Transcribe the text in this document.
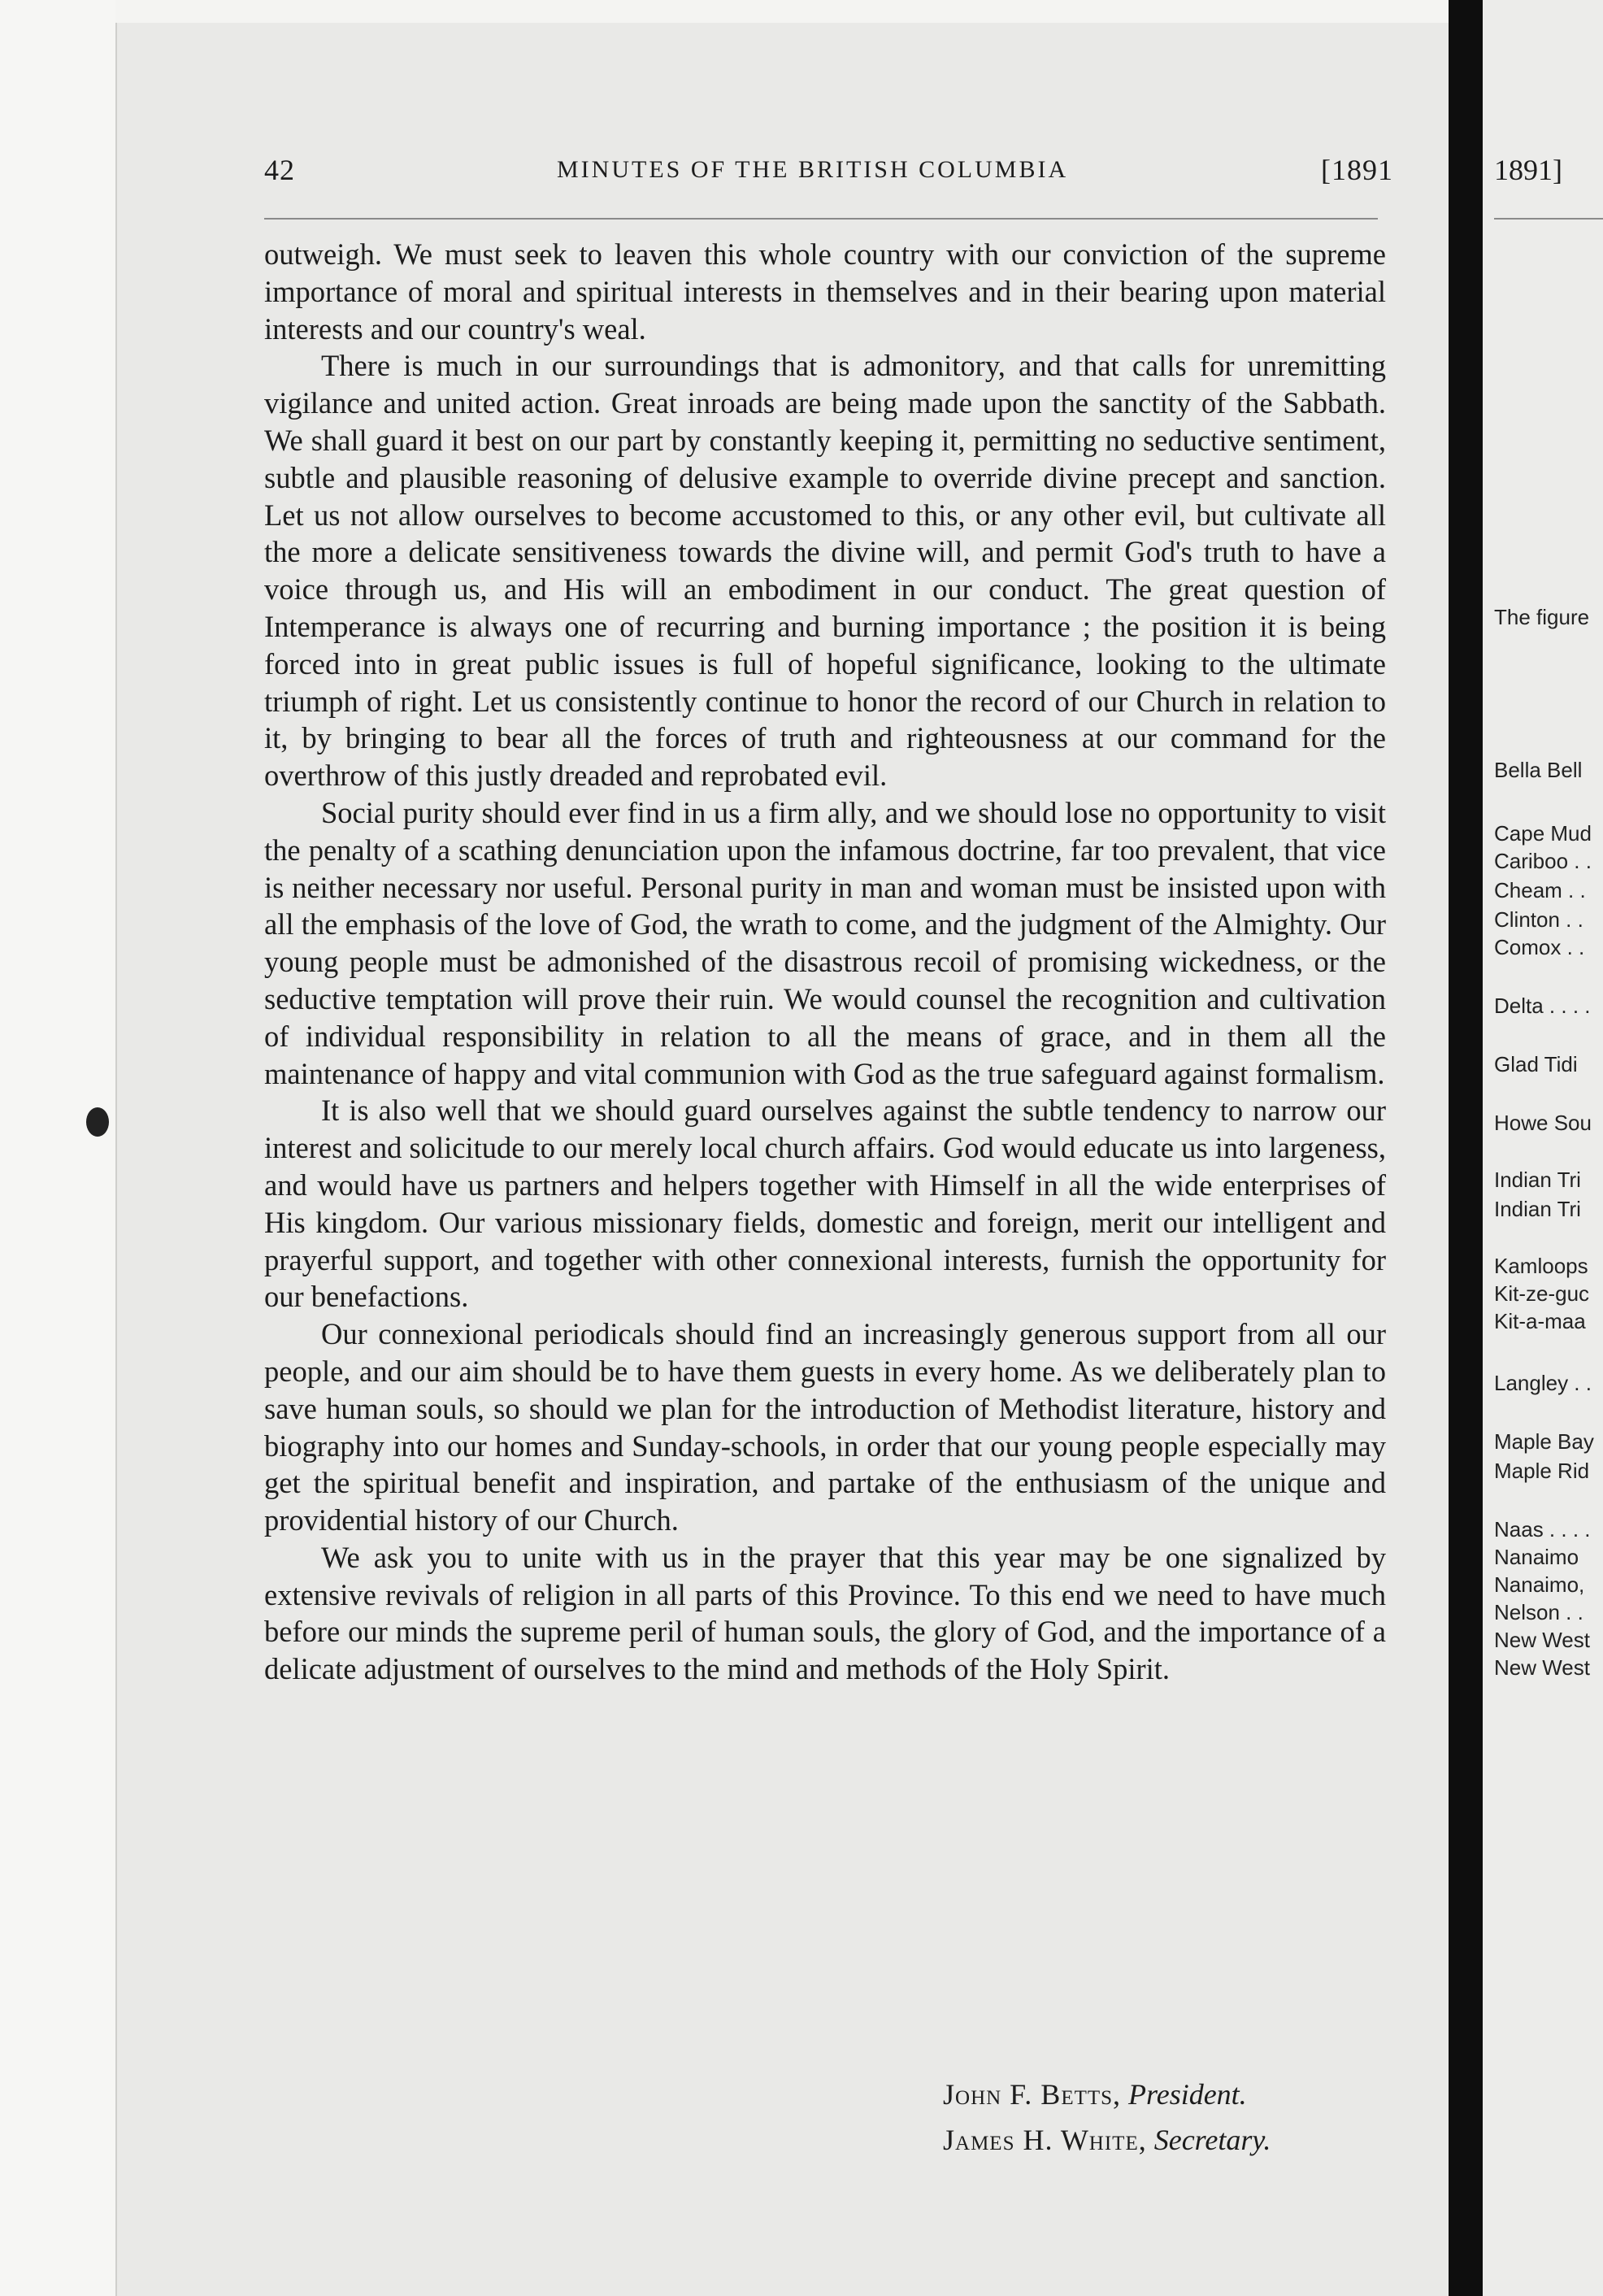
42	MINUTES OF THE BRITISH COLUMBIA	[1891

outweigh. We must seek to leaven this whole country with our conviction of the supreme importance of moral and spiritual interests in themselves and in their bearing upon material interests and our country's weal.

There is much in our surroundings that is admonitory, and that calls for unremitting vigilance and united action. Great inroads are being made upon the sanctity of the Sabbath. We shall guard it best on our part by constantly keeping it, permitting no seductive sentiment, subtle and plausible reasoning of delusive example to override divine precept and sanction. Let us not allow ourselves to become accustomed to this, or any other evil, but cultivate all the more a delicate sensitiveness towards the divine will, and permit God's truth to have a voice through us, and His will an embodiment in our conduct. The great question of Intemperance is always one of recurring and burning importance ; the position it is being forced into in great public issues is full of hopeful significance, looking to the ultimate triumph of right. Let us consistently continue to honor the record of our Church in relation to it, by bringing to bear all the forces of truth and righteousness at our command for the overthrow of this justly dreaded and reprobated evil.

Social purity should ever find in us a firm ally, and we should lose no opportunity to visit the penalty of a scathing denunciation upon the infamous doctrine, far too prevalent, that vice is neither necessary nor useful. Personal purity in man and woman must be insisted upon with all the emphasis of the love of God, the wrath to come, and the judgment of the Almighty. Our young people must be admonished of the disastrous recoil of promising wickedness, or the seductive temptation will prove their ruin. We would counsel the recognition and cultivation of individual responsibility in relation to all the means of grace, and in them all the maintenance of happy and vital communion with God as the true safeguard against formalism.

It is also well that we should guard ourselves against the subtle tendency to narrow our interest and solicitude to our merely local church affairs. God would educate us into largeness, and would have us partners and helpers together with Himself in all the wide enterprises of His kingdom. Our various missionary fields, domestic and foreign, merit our intelligent and prayerful support, and together with other connexional interests, furnish the opportunity for our benefactions.

Our connexional periodicals should find an increasingly generous support from all our people, and our aim should be to have them guests in every home. As we deliberately plan to save human souls, so should we plan for the introduction of Methodist literature, history and biography into our homes and Sunday-schools, in order that our young people especially may get the spiritual benefit and inspiration, and partake of the enthusiasm of the unique and providential history of our Church.

We ask you to unite with us in the prayer that this year may be one signalized by extensive revivals of religion in all parts of this Province. To this end we need to have much before our minds the supreme peril of human souls, the glory of God, and the importance of a delicate adjustment of ourselves to the mind and methods of the Holy Spirit.

John F. Betts, President.
James H. White, Secretary.
1891]
The figure
Bella Bell
Cape Mud
Cariboo . .
Cheam . .
Clinton . .
Comox . .
Delta . . . .
Glad Tidi
Howe Sou
Indian Tri
Indian Tri
Kamloops
Kit-ze-guc
Kit-a-maa
Langley . .
Maple Bay
Maple Rid
Naas . . . .
Nanaimo
Nanaimo,
Nelson . .
New West
New West
